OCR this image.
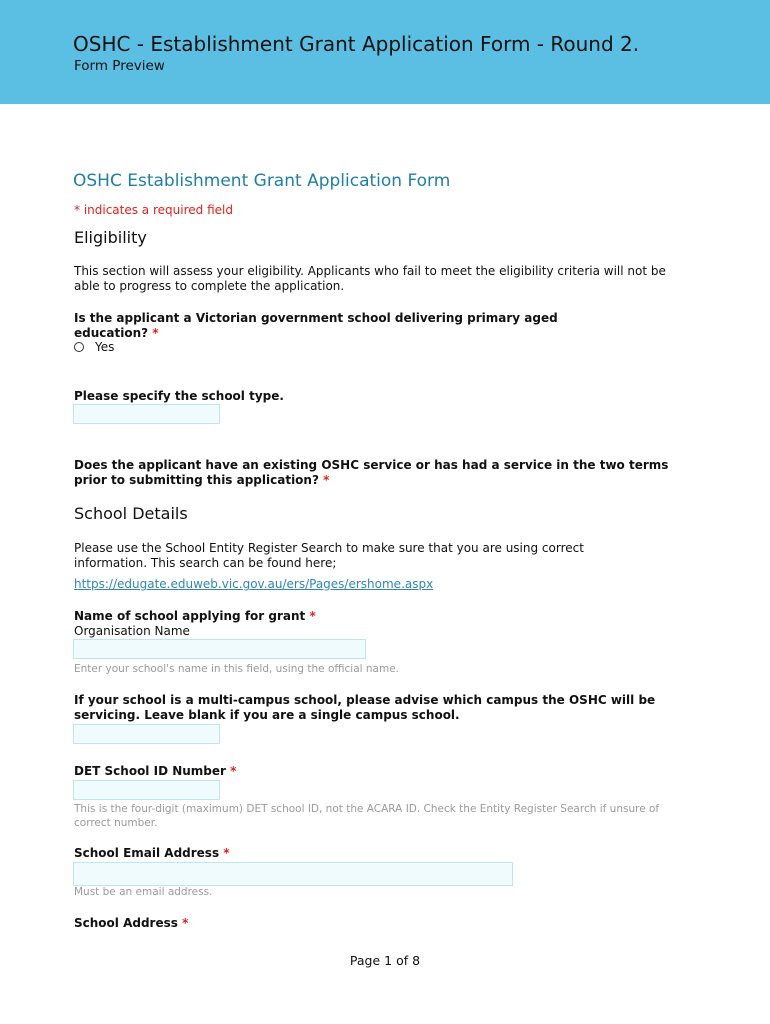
OSHC - Establishment Grant Application Form - Round 2.
Form Preview
OSHC Establishment Grant Application Form
* indicates a required field
Eligibility
This section will assess your eligibility. Applicants who fail to meet the eligibility criteria will not be able to progress to complete the application.
Is the applicant a Victorian government school delivering primary aged education? *
Yes
Please specify the school type.
Does the applicant have an existing OSHC service or has had a service in the two terms prior to submitting this application? *
School Details
Please use the School Entity Register Search to make sure that you are using correct information. This search can be found here;
https://edugate.eduweb.vic.gov.au/ers/Pages/ershome.aspx
Name of school applying for grant *
Organisation Name
Enter your school's name in this field, using the official name.
If your school is a multi-campus school, please advise which campus the OSHC will be servicing. Leave blank if you are a single campus school.
DET School ID Number *
This is the four-digit (maximum) DET school ID, not the ACARA ID. Check the Entity Register Search if unsure of correct number.
School Email Address *
Must be an email address.
School Address *
Page 1 of 8
